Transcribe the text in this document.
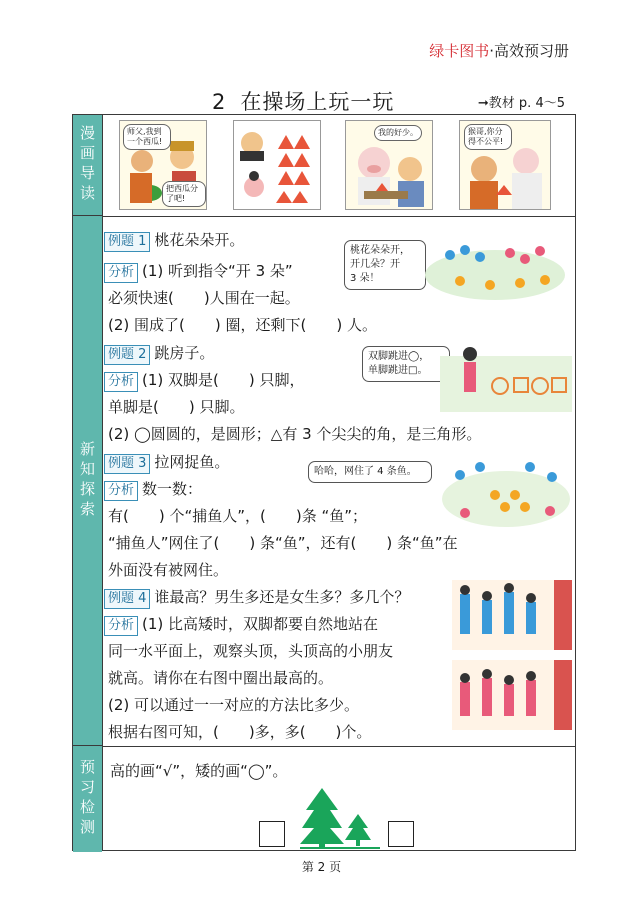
绿卡图书·高效预习册
2 在操场上玩一玩	➞教材 p. 4～5
漫画导读
新知探索
预习检测
师父,我到一个西瓜!
把西瓜分了吧!
我的好少。	猴哥,你分得不公平!
例题 1 桃花朵朵开。
分析 (1) 听到指令“开 3 朵”
必须快速(　　)人围在一起。
(2) 围成了(　　) 圈，还剩下(　　) 人。
例题 2 跳房子。
分析 (1) 双脚是(　　) 只脚，
单脚是(　　) 只脚。
(2) ◯圆圆的，是圆形；△有 3 个尖尖的角，是三角形。
例题 3 拉网捉鱼。
分析 数一数：
有(　　) 个“捕鱼人”，(　　)条 “鱼”；
“捕鱼人”网住了(　　) 条“鱼”，还有(　　) 条“鱼”在
外面没有被网住。
例题 4 谁最高？男生多还是女生多？多几个？
分析 (1) 比高矮时，双脚都要自然地站在
同一水平面上，观察头顶，头顶高的小朋友
就高。请你在右图中圈出最高的。
(2) 可以通过一一对应的方法比多少。
根据右图可知，(　　)多，多(　　)个。
桃花朵朵开，
开几朵？开
3 朵！
双脚跳进◯，
单脚跳进□。
哈哈，网住了 4 条鱼。
高的画“√”，矮的画“◯”。
第 2 页
